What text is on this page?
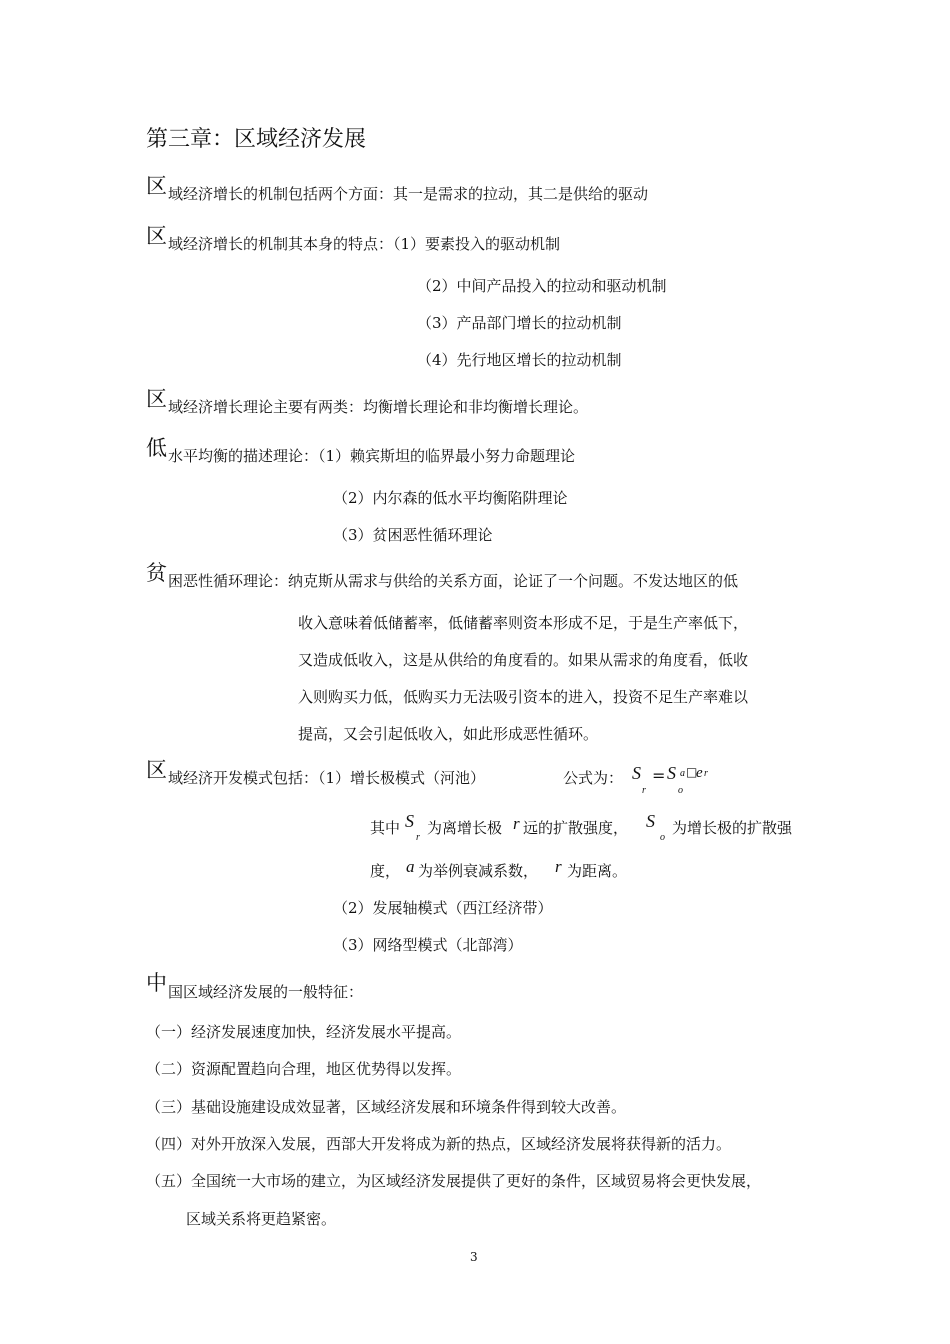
第三章：区域经济发展
区 域经济增长的机制包括两个方面：其一是需求的拉动，其二是供给的驱动
区 域经济增长的机制其本身的特点：（1）要素投入的驱动机制
（2）中间产品投入的拉动和驱动机制
（3）产品部门增长的拉动机制
（4）先行地区增长的拉动机制
区 域经济增长理论主要有两类：均衡增长理论和非均衡增长理论。
低 水平均衡的描述理论：（1）赖宾斯坦的临界最小努力命题理论
（2）内尔森的低水平均衡陷阱理论
（3）贫困恶性循环理论
贫 困恶性循环理论：纳克斯从需求与供给的关系方面，论证了一个问题。不发达地区的低
收入意味着低储蓄率，低储蓄率则资本形成不足，于是生产率低下，
又造成低收入，这是从供给的角度看的。如果从需求的角度看，低收
入则购买力低，低购买力无法吸引资本的进入，投资不足生产率难以
提高，又会引起低收入，如此形成恶性循环。
区 域经济开发模式包括：（1）增长极模式（河池）	公式为： S
r
= S
o
a □
e r
其中 S
r
为离增长极 r 远的扩散强度， S
o
为增长极的扩散强
度， a 为举例衰减系数， r 为距离。
（2）发展轴模式（西江经济带）
（3）网络型模式（北部湾）
中 国区域经济发展的一般特征：
（一）经济发展速度加快，经济发展水平提高。
（二）资源配置趋向合理，地区优势得以发挥。
（三）基础设施建设成效显著，区域经济发展和环境条件得到较大改善。
（四）对外开放深入发展，西部大开发将成为新的热点，区域经济发展将获得新的活力。
（五）全国统一大市场的建立，为区域经济发展提供了更好的条件，区域贸易将会更快发展，
区域关系将更趋紧密。
3
